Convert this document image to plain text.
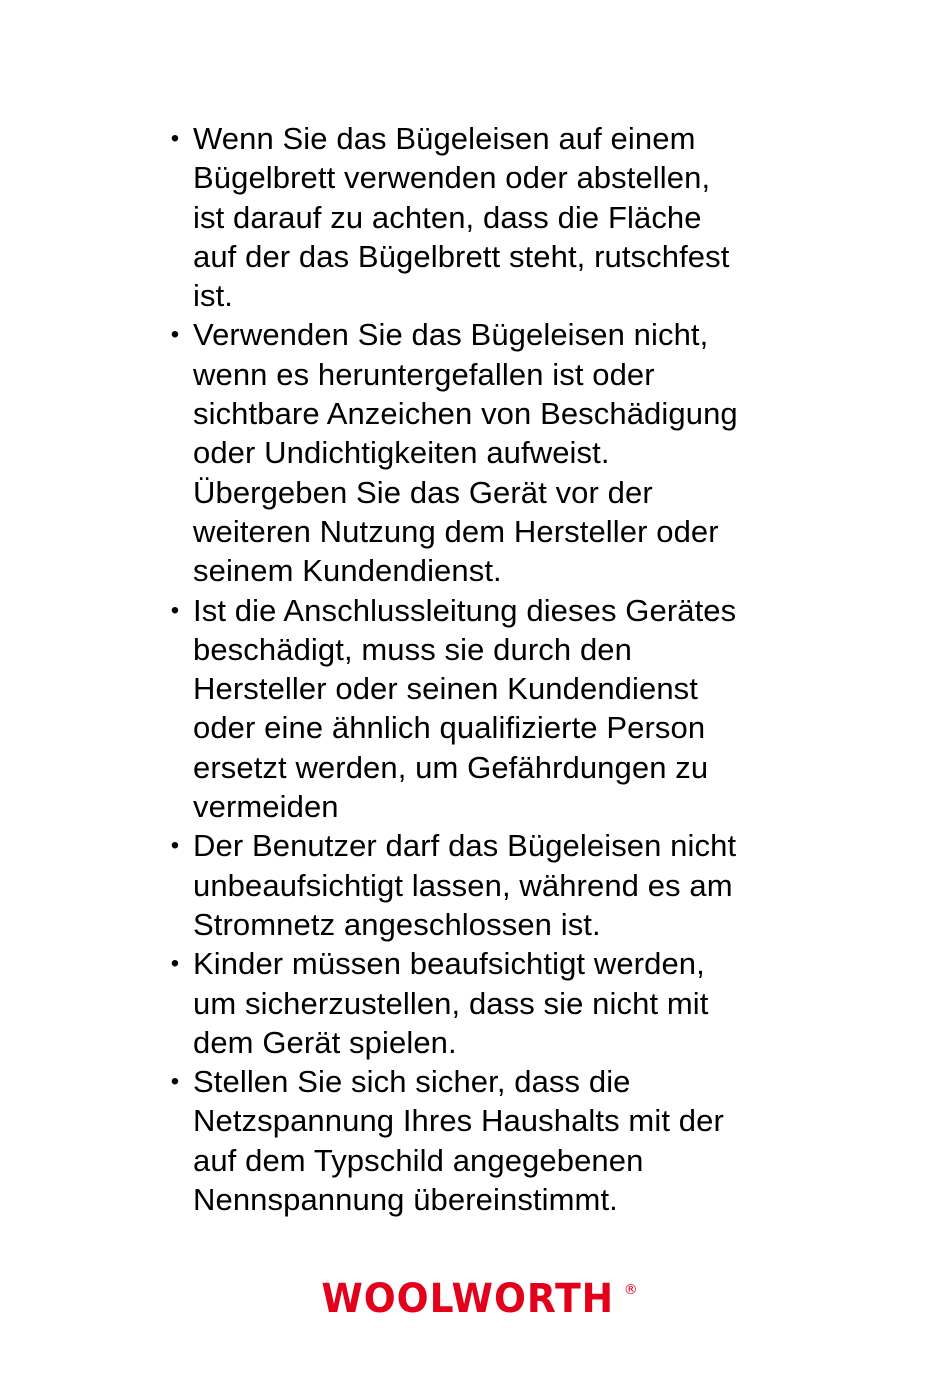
• Wenn Sie das Bügeleisen auf einem
Bügelbrett verwenden oder abstellen,
ist darauf zu achten, dass die Fläche
auf der das Bügelbrett steht, rutschfest
ist.
• Verwenden Sie das Bügeleisen nicht,
wenn es heruntergefallen ist oder
sichtbare Anzeichen von Beschädigung
oder Undichtigkeiten aufweist.
Übergeben Sie das Gerät vor der
weiteren Nutzung dem Hersteller oder
seinem Kundendienst.
• Ist die Anschlussleitung dieses Gerätes
beschädigt, muss sie durch den
Hersteller oder seinen Kundendienst
oder eine ähnlich qualifizierte Person
ersetzt werden, um Gefährdungen zu
vermeiden
• Der Benutzer darf das Bügeleisen nicht
unbeaufsichtigt lassen, während es am
Stromnetz angeschlossen ist.
• Kinder müssen beaufsichtigt werden,
um sicherzustellen, dass sie nicht mit
dem Gerät spielen.
• Stellen Sie sich sicher, dass die
Netzspannung Ihres Haushalts mit der
auf dem Typschild angegebenen
Nennspannung übereinstimmt.
WOOLWORTH ®
